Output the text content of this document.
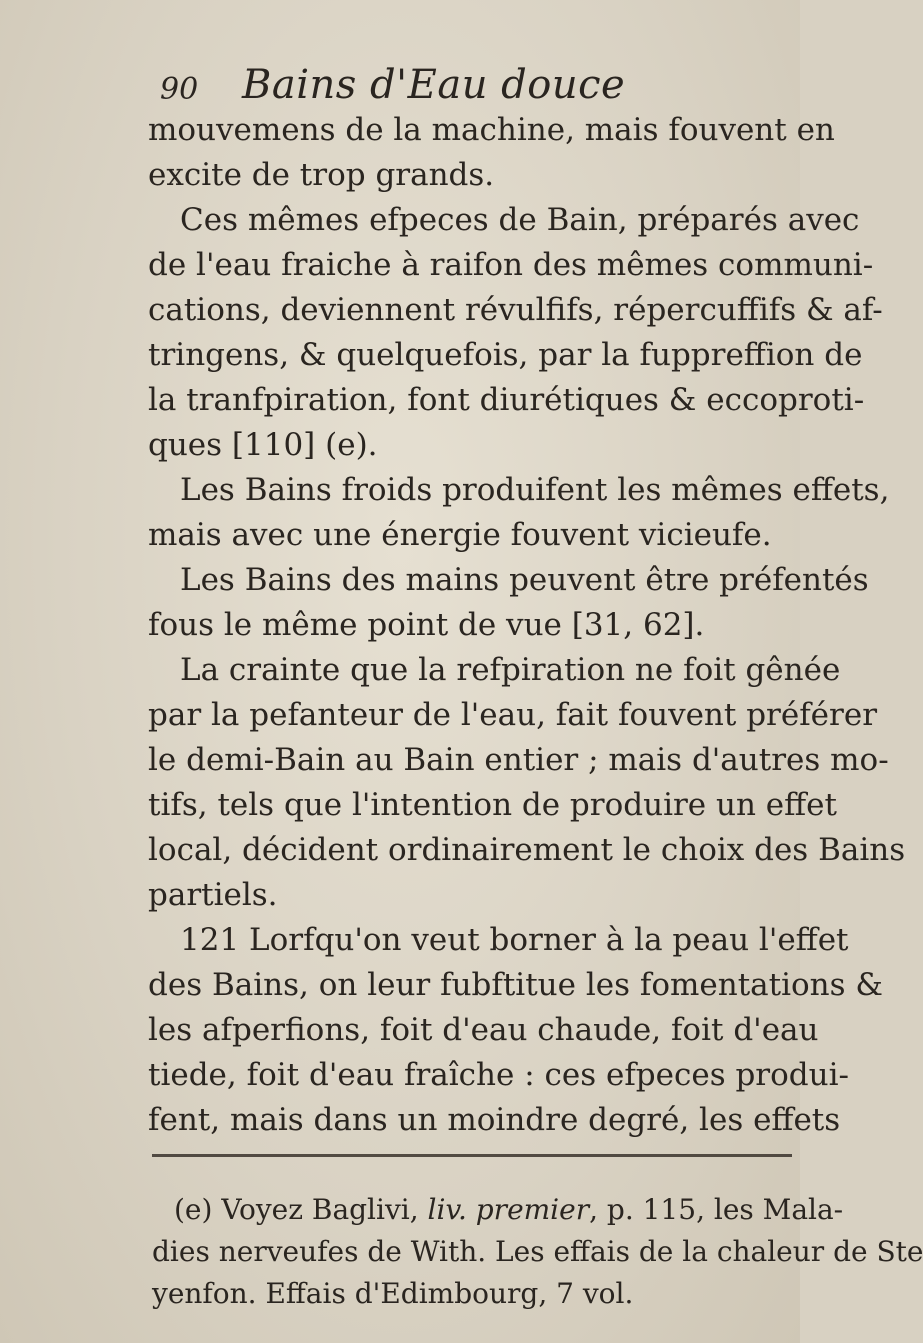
90 Bains d'Eau douce
mouvemens de la machine, mais fouvent en
excite de trop grands.
Ces mêmes efpeces de Bain, préparés avec
de l'eau fraiche à raifon des mêmes communi-
cations, deviennent révulfifs, répercuffifs & af-
tringens, & quelquefois, par la fuppreffion de
la tranfpiration, font diurétiques & eccoproti-
ques [110] (e).
Les Bains froids produifent les mêmes effets,
mais avec une énergie fouvent vicieufe.
Les Bains des mains peuvent être préfentés
fous le même point de vue [31, 62].
La crainte que la refpiration ne foit gênée
par la pefanteur de l'eau, fait fouvent préférer
le demi-Bain au Bain entier ; mais d'autres mo-
tifs, tels que l'intention de produire un effet
local, décident ordinairement le choix des Bains
partiels.
121 Lorfqu'on veut borner à la peau l'effet
des Bains, on leur fubftitue les fomentations &
les afperfions, foit d'eau chaude, foit d'eau
tiede, foit d'eau fraîche : ces efpeces produi-
fent, mais dans un moindre degré, les effets
(e) Voyez Baglivi, liv. premier, p. 115, les Mala-
dies nerveufes de With. Les effais de la chaleur de Ste
yenfon. Effais d'Edimbourg, 7 vol.
